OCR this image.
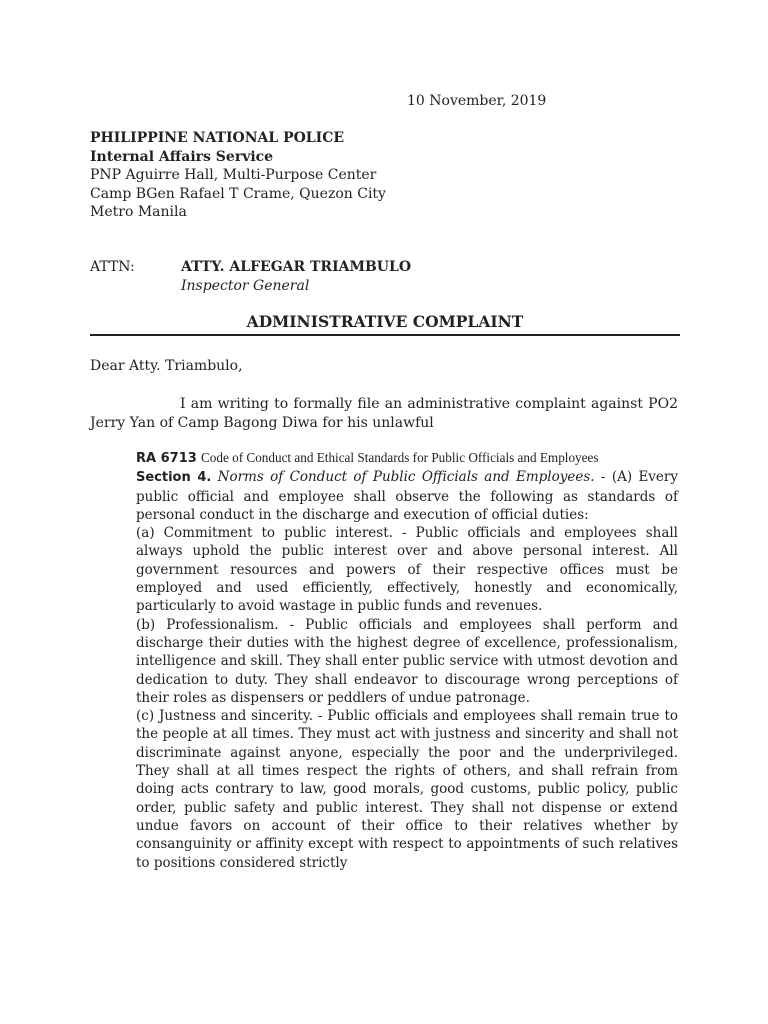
10 November, 2019
PHILIPPINE NATIONAL POLICE
Internal Affairs Service
PNP Aguirre Hall, Multi-Purpose Center
Camp BGen Rafael T Crame, Quezon City
Metro Manila
ATTN:	ATTY. ALFEGAR TRIAMBULO
Inspector General
ADMINISTRATIVE COMPLAINT
Dear Atty. Triambulo,
I am writing to formally file an administrative complaint against PO2 Jerry Yan of Camp Bagong Diwa for his unlawful

RA 6713 Code of Conduct and Ethical Standards for Public Officials and Employees

Section 4. Norms of Conduct of Public Officials and Employees. - (A) Every public official and employee shall observe the following as standards of personal conduct in the discharge and execution of official duties:

(a) Commitment to public interest. - Public officials and employees shall always uphold the public interest over and above personal interest. All government resources and powers of their respective offices must be employed and used efficiently, effectively, honestly and economically, particularly to avoid wastage in public funds and revenues.

(b) Professionalism. - Public officials and employees shall perform and discharge their duties with the highest degree of excellence, professionalism, intelligence and skill. They shall enter public service with utmost devotion and dedication to duty. They shall endeavor to discourage wrong perceptions of their roles as dispensers or peddlers of undue patronage.

(c) Justness and sincerity. - Public officials and employees shall remain true to the people at all times. They must act with justness and sincerity and shall not discriminate against anyone, especially the poor and the underprivileged. They shall at all times respect the rights of others, and shall refrain from doing acts contrary to law, good morals, good customs, public policy, public order, public safety and public interest. They shall not dispense or extend undue favors on account of their office to their relatives whether by consanguinity or affinity except with respect to appointments of such relatives to positions considered strictly
